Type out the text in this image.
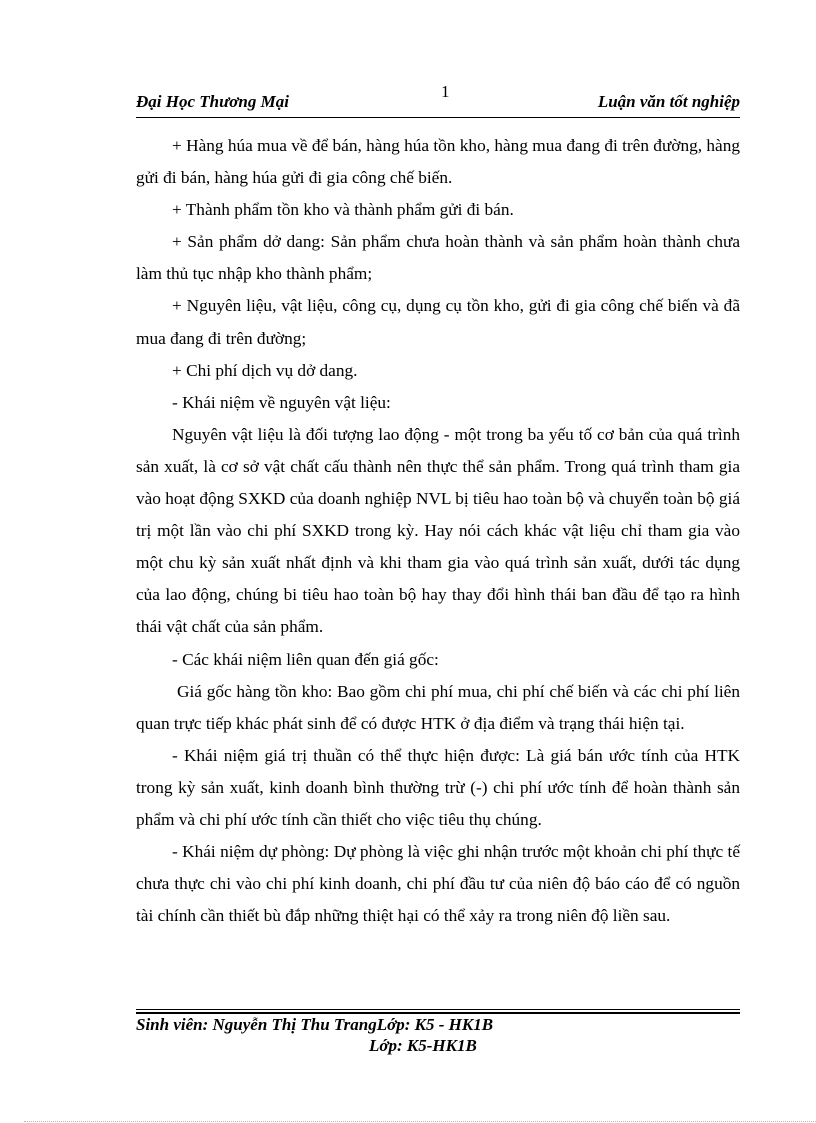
1
Đại Học Thương Mại	Luận văn tốt nghiệp

+ Hàng húa mua về để bán, hàng húa tồn kho, hàng mua đang đi trên đường, hàng gửi đi bán, hàng húa gửi đi gia công chế biến.

+ Thành phẩm tồn kho và thành phẩm gửi đi bán.

+ Sản phẩm dở dang: Sản phẩm chưa hoàn thành và sản phẩm hoàn thành chưa làm thủ tục nhập kho thành phẩm;

+ Nguyên liệu, vật liệu, công cụ, dụng cụ tồn kho, gửi đi gia công chế biến và đã mua đang đi trên đường;

+ Chi phí dịch vụ dở dang.

- Khái niệm về nguyên vật liệu:

Nguyên vật liệu là đối tượng lao động - một trong ba yếu tố cơ bản của quá trình sản xuất, là cơ sở vật chất cấu thành nên thực thể sản phẩm. Trong quá trình tham gia vào hoạt động SXKD của doanh nghiệp NVL bị tiêu hao toàn bộ và chuyển toàn bộ giá trị một lần vào chi phí SXKD trong kỳ. Hay nói cách khác vật liệu chỉ tham gia vào một chu kỳ sản xuất nhất định và khi tham gia vào quá trình sản xuất, dưới tác dụng của lao động, chúng bi tiêu hao toàn bộ hay thay đổi hình thái ban đầu để tạo ra hình thái vật chất của sản phẩm.

- Các khái niệm liên quan đến giá gốc:

Giá gốc hàng tồn kho: Bao gồm chi phí mua, chi phí chế biến và các chi phí liên quan trực tiếp khác phát sinh để có được HTK ở địa điểm và trạng thái hiện tại.

- Khái niệm giá trị thuần có thể thực hiện được: Là giá bán ước tính của HTK trong kỳ sản xuất, kinh doanh bình thường trừ (-) chi phí ước tính để hoàn thành sản phẩm và chi phí ước tính cần thiết cho việc tiêu thụ chúng.

- Khái niệm dự phòng: Dự phòng là việc ghi nhận trước một khoản chi phí thực tế chưa thực chi vào chi phí kinh doanh, chi phí đầu tư của niên độ báo cáo để có nguồn tài chính cần thiết bù đắp những thiệt hại có thể xảy ra trong niên độ liền sau.

Sinh viên: Nguyễn Thị Thu TrangLớp: K5 - HK1B
Lớp: K5-HK1B
